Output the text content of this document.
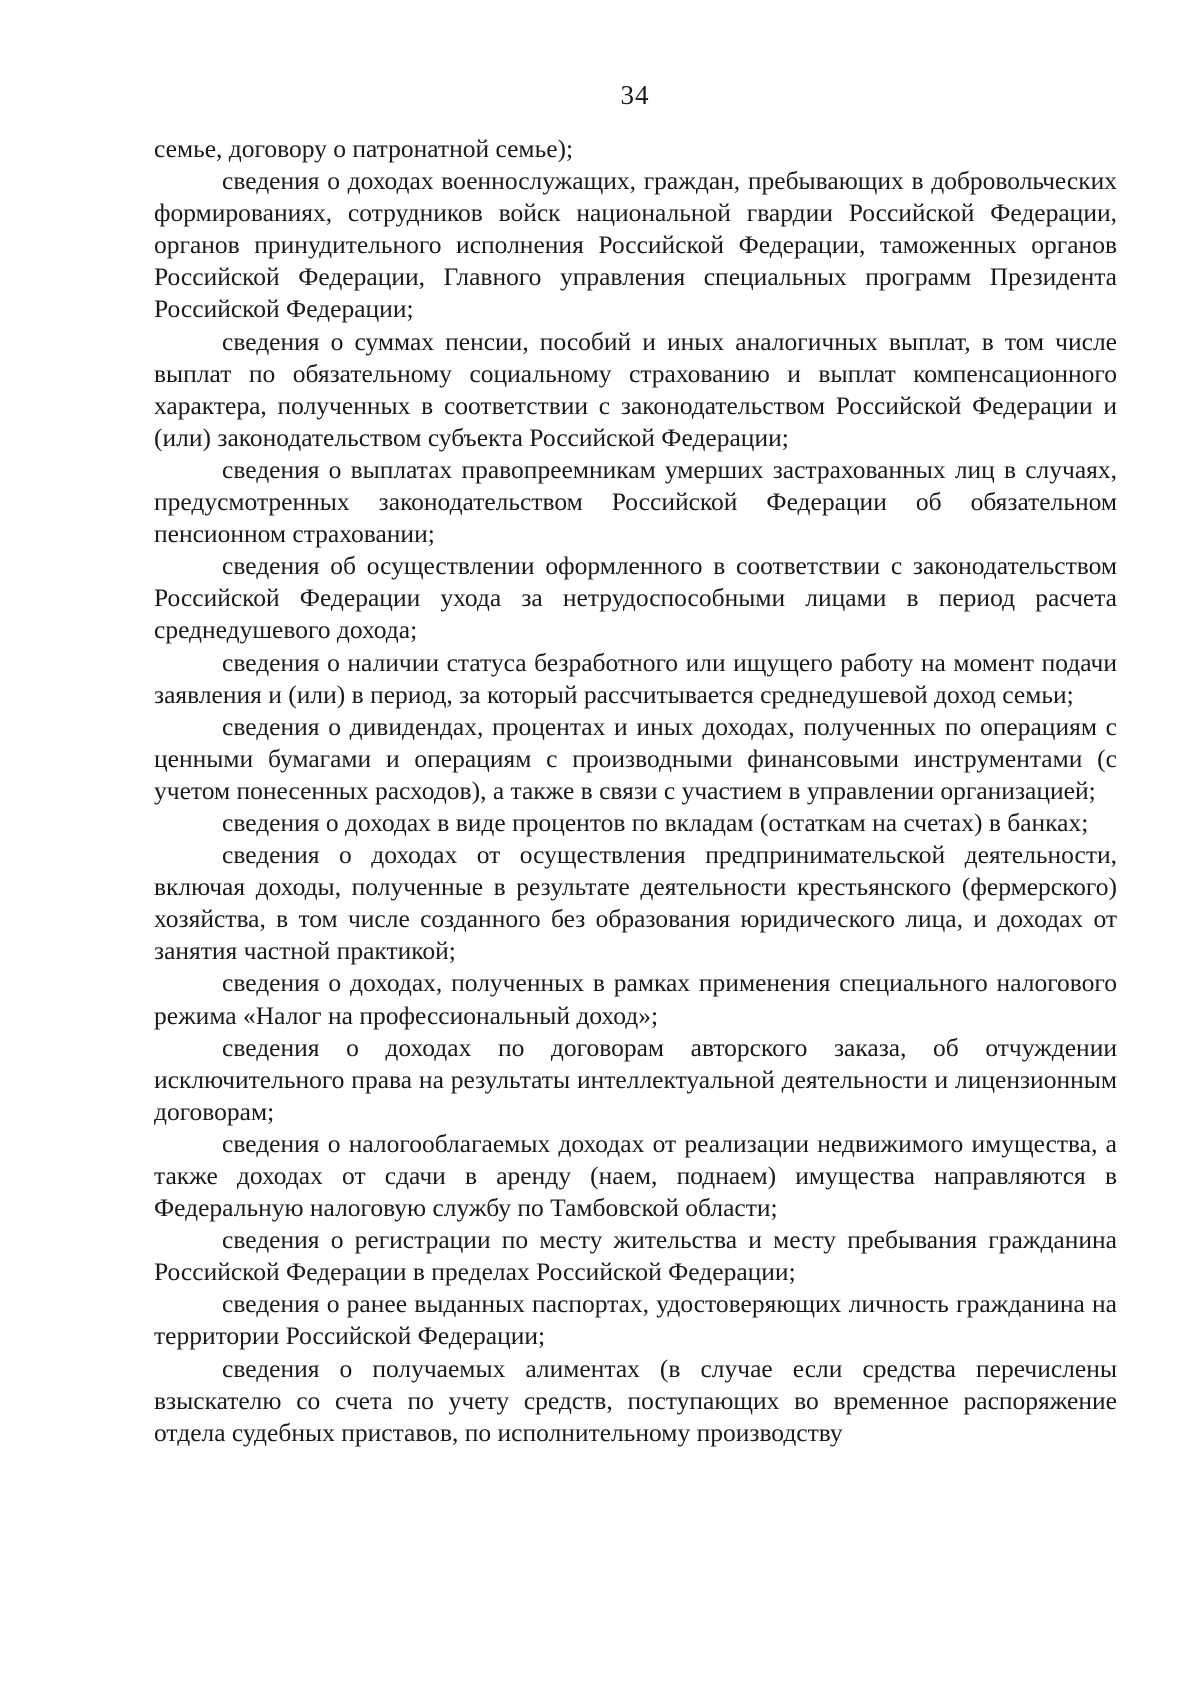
34

семье, договору о патронатной семье);

сведения о доходах военнослужащих, граждан, пребывающих в добровольческих формированиях, сотрудников войск национальной гвардии Российской Федерации, органов принудительного исполнения Российской Федерации, таможенных органов Российской Федерации, Главного управления специальных программ Президента Российской Федерации;

сведения о суммах пенсии, пособий и иных аналогичных выплат, в том числе выплат по обязательному социальному страхованию и выплат компенсационного характера, полученных в соответствии с законодательством Российской Федерации и (или) законодательством субъекта Российской Федерации;

сведения о выплатах правопреемникам умерших застрахованных лиц в случаях, предусмотренных законодательством Российской Федерации об обязательном пенсионном страховании;

сведения об осуществлении оформленного в соответствии с законодательством Российской Федерации ухода за нетрудоспособными лицами в период расчета среднедушевого дохода;

сведения о наличии статуса безработного или ищущего работу на момент подачи заявления и (или) в период, за который рассчитывается среднедушевой доход семьи;

сведения о дивидендах, процентах и иных доходах, полученных по операциям с ценными бумагами и операциям с производными финансовыми инструментами (с учетом понесенных расходов), а также в связи с участием в управлении организацией;

сведения о доходах в виде процентов по вкладам (остаткам на счетах) в банках;

сведения о доходах от осуществления предпринимательской деятельности, включая доходы, полученные в результате деятельности крестьянского (фермерского) хозяйства, в том числе созданного без образования юридического лица, и доходах от занятия частной практикой;

сведения о доходах, полученных в рамках применения специального налогового режима «Налог на профессиональный доход»;

сведения о доходах по договорам авторского заказа, об отчуждении исключительного права на результаты интеллектуальной деятельности и лицензионным договорам;

сведения о налогооблагаемых доходах от реализации недвижимого имущества, а также доходах от сдачи в аренду (наем, поднаем) имущества направляются в Федеральную налоговую службу по Тамбовской области;

сведения о регистрации по месту жительства и месту пребывания гражданина Российской Федерации в пределах Российской Федерации;

сведения о ранее выданных паспортах, удостоверяющих личность гражданина на территории Российской Федерации;

сведения о получаемых алиментах (в случае если средства перечислены взыскателю со счета по учету средств, поступающих во временное распоряжение отдела судебных приставов, по исполнительному производству
